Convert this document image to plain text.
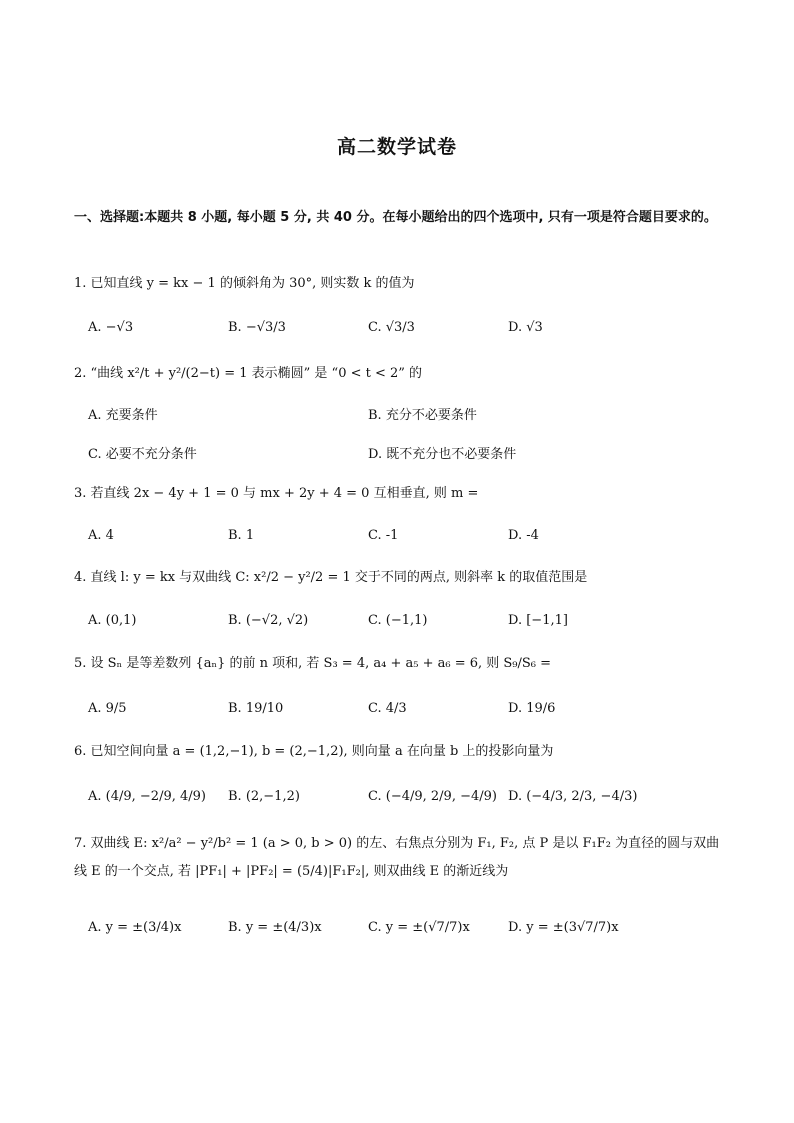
高二数学试卷
一、选择题:本题共 8 小题, 每小题 5 分, 共 40 分。在每小题给出的四个选项中, 只有一项是符合题目要求的。
1. 已知直线 y = kx − 1 的倾斜角为 30°, 则实数 k 的值为
A. −√3	B. −√3/3	C. √3/3	D. √3
2. “曲线 x²/t + y²/(2−t) = 1 表示椭圆” 是 “0 < t < 2” 的
A. 充要条件	B. 充分不必要条件
C. 必要不充分条件	D. 既不充分也不必要条件
3. 若直线 2x − 4y + 1 = 0 与 mx + 2y + 4 = 0 互相垂直, 则 m =
A. 4	B. 1	C. -1	D. -4
4. 直线 l: y = kx 与双曲线 C: x²/2 − y²/2 = 1 交于不同的两点, 则斜率 k 的取值范围是
A. (0,1)	B. (−√2, √2)	C. (−1,1)	D. [−1,1]
5. 设 Sₙ 是等差数列 {aₙ} 的前 n 项和, 若 S₃ = 4, a₄ + a₅ + a₆ = 6, 则 S₉/S₆ =
A. 9/5	B. 19/10	C. 4/3	D. 19/6
6. 已知空间向量 a = (1,2,−1), b = (2,−1,2), 则向量 a 在向量 b 上的投影向量为
A. (4/9, −2/9, 4/9) B. (2,−1,2)	C. (−4/9, 2/9, −4/9) D. (−4/3, 2/3, −4/3)
7. 双曲线 E: x²/a² − y²/b² = 1 (a > 0, b > 0) 的左、右焦点分别为 F₁, F₂, 点 P 是以 F₁F₂ 为直径的圆与双曲线 E 的一个交点, 若 |PF₁| + |PF₂| = (5/4)|F₁F₂|, 则双曲线 E 的渐近线为
A. y = ±(3/4)x	B. y = ±(4/3)x	C. y = ±(√7/7)x	D. y = ±(3√7/7)x
